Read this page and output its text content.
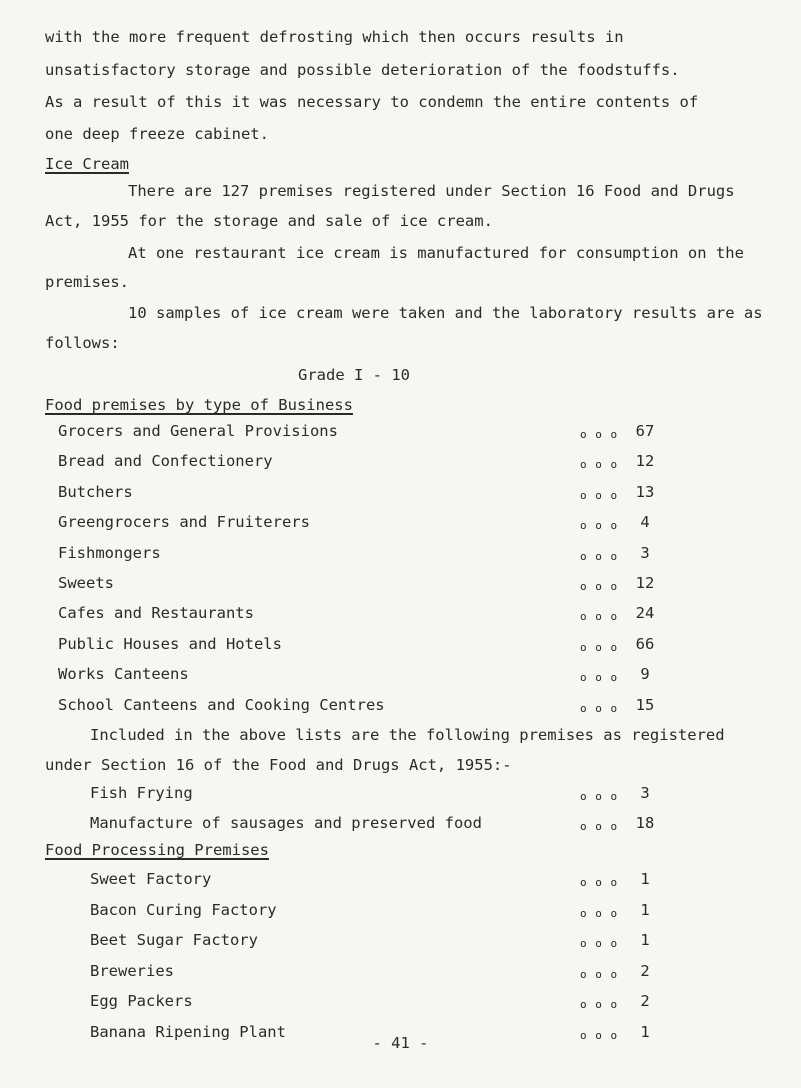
with the more frequent defrosting which then occurs results in
unsatisfactory storage and possible deterioration of the foodstuffs.
As a result of this it was necessary to condemn the entire contents of
one deep freeze cabinet.
Ice Cream
There are 127 premises registered under Section 16 Food and Drugs
Act, 1955 for the storage and sale of ice cream.
At one restaurant ice cream is manufactured for consumption on the
premises.
10 samples of ice cream were taken and the laboratory results are as
follows:
Grade I - 10
Food premises by type of Business
Grocers and General Provisions	o o o	67
Bread and Confectionery	o o o	12
Butchers	o o o	13
Greengrocers and Fruiterers	o o o	4
Fishmongers	o o o	3
Sweets	o o o	12
Cafes and Restaurants	o o o	24
Public Houses and Hotels	o o o	66
Works Canteens	o o o	9
School Canteens and Cooking Centres	o o o	15
Included in the above lists are the following premises as registered
under Section 16 of the Food and Drugs Act, 1955:-
Fish Frying	o o o	3
Manufacture of sausages and preserved food	o o o	18
Food Processing Premises
Sweet Factory	o o o	1
Bacon Curing Factory	o o o	1
Beet Sugar Factory	o o o	1
Breweries	o o o	2
Egg Packers	o o o	2
Banana Ripening Plant	o o o	1
- 41 -
